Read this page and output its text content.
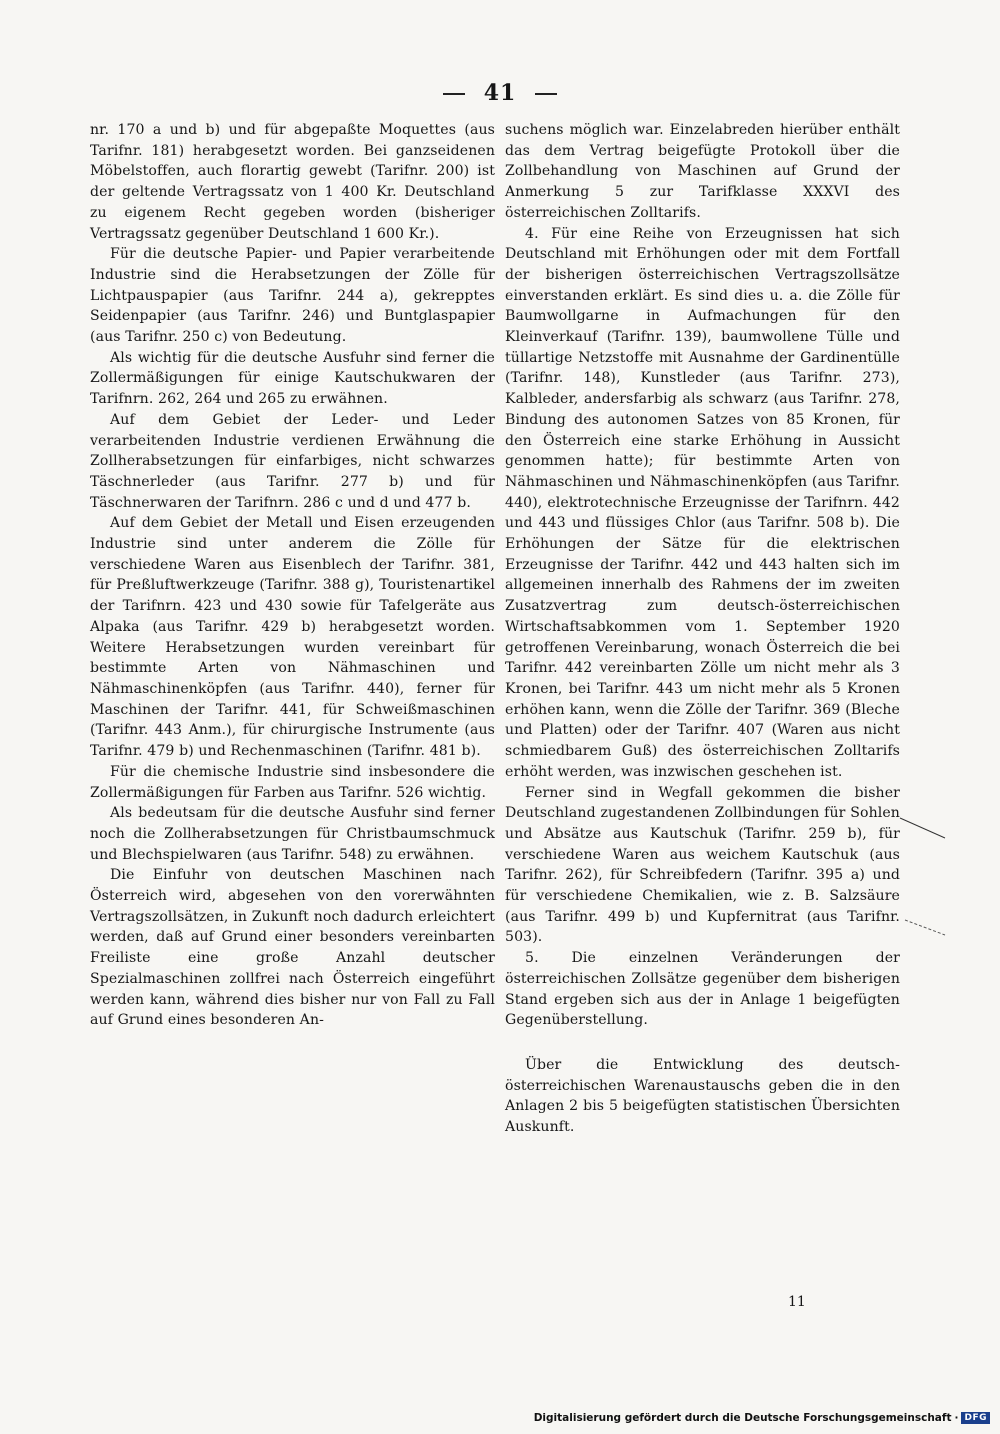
41

nr. 170 a und b) und für abgepaßte Moquettes (aus Tarifnr. 181) herabgesetzt worden. Bei ganzseidenen Möbelstoffen, auch florartig gewebt (Tarifnr. 200) ist der geltende Vertragssatz von 1 400 Kr. Deutschland zu eigenem Recht gegeben worden (bisheriger Vertragssatz gegenüber Deutschland 1 600 Kr.).

Für die deutsche Papier- und Papier verarbeitende Industrie sind die Herabsetzungen der Zölle für Lichtpauspapier (aus Tarifnr. 244 a), gekrepptes Seidenpapier (aus Tarifnr. 246) und Buntglaspapier (aus Tarifnr. 250 c) von Bedeutung.

Als wichtig für die deutsche Ausfuhr sind ferner die Zollermäßigungen für einige Kautschukwaren der Tarifnrn. 262, 264 und 265 zu erwähnen.

Auf dem Gebiet der Leder- und Leder verarbeitenden Industrie verdienen Erwähnung die Zollherabsetzungen für einfarbiges, nicht schwarzes Täschnerleder (aus Tarifnr. 277 b) und für Täschnerwaren der Tarifnrn. 286 c und d und 477 b.

Auf dem Gebiet der Metall und Eisen erzeugenden Industrie sind unter anderem die Zölle für verschiedene Waren aus Eisenblech der Tarifnr. 381, für Preßluftwerkzeuge (Tarifnr. 388 g), Touristenartikel der Tarifnrn. 423 und 430 sowie für Tafelgeräte aus Alpaka (aus Tarifnr. 429 b) herabgesetzt worden. Weitere Herabsetzungen wurden vereinbart für bestimmte Arten von Nähmaschinen und Nähmaschinenköpfen (aus Tarifnr. 440), ferner für Maschinen der Tarifnr. 441, für Schweißmaschinen (Tarifnr. 443 Anm.), für chirurgische Instrumente (aus Tarifnr. 479 b) und Rechenmaschinen (Tarifnr. 481 b).

Für die chemische Industrie sind insbesondere die Zollermäßigungen für Farben aus Tarifnr. 526 wichtig.

Als bedeutsam für die deutsche Ausfuhr sind ferner noch die Zollherabsetzungen für Christbaumschmuck und Blechspielwaren (aus Tarifnr. 548) zu erwähnen.

Die Einfuhr von deutschen Maschinen nach Österreich wird, abgesehen von den vorerwähnten Vertragszollsätzen, in Zukunft noch dadurch erleichtert werden, daß auf Grund einer besonders vereinbarten Freiliste eine große Anzahl deutscher Spezialmaschinen zollfrei nach Österreich eingeführt werden kann, während dies bisher nur von Fall zu Fall auf Grund eines besonderen An-

suchens möglich war. Einzelabreden hierüber enthält das dem Vertrag beigefügte Protokoll über die Zollbehandlung von Maschinen auf Grund der Anmerkung 5 zur Tarifklasse XXXVI des österreichischen Zolltarifs.

4. Für eine Reihe von Erzeugnissen hat sich Deutschland mit Erhöhungen oder mit dem Fortfall der bisherigen österreichischen Vertragszollsätze einverstanden erklärt. Es sind dies u. a. die Zölle für Baumwollgarne in Aufmachungen für den Kleinverkauf (Tarifnr. 139), baumwollene Tülle und tüllartige Netzstoffe mit Ausnahme der Gardinentülle (Tarifnr. 148), Kunstleder (aus Tarifnr. 273), Kalbleder, andersfarbig als schwarz (aus Tarifnr. 278, Bindung des autonomen Satzes von 85 Kronen, für den Österreich eine starke Erhöhung in Aussicht genommen hatte); für bestimmte Arten von Nähmaschinen und Nähmaschinenköpfen (aus Tarifnr. 440), elektrotechnische Erzeugnisse der Tarifnrn. 442 und 443 und flüssiges Chlor (aus Tarifnr. 508 b). Die Erhöhungen der Sätze für die elektrischen Erzeugnisse der Tarifnr. 442 und 443 halten sich im allgemeinen innerhalb des Rahmens der im zweiten Zusatzvertrag zum deutsch-österreichischen Wirtschaftsabkommen vom 1. September 1920 getroffenen Vereinbarung, wonach Österreich die bei Tarifnr. 442 vereinbarten Zölle um nicht mehr als 3 Kronen, bei Tarifnr. 443 um nicht mehr als 5 Kronen erhöhen kann, wenn die Zölle der Tarifnr. 369 (Bleche und Platten) oder der Tarifnr. 407 (Waren aus nicht schmiedbarem Guß) des österreichischen Zolltarifs erhöht werden, was inzwischen geschehen ist.

Ferner sind in Wegfall gekommen die bisher Deutschland zugestandenen Zollbindungen für Sohlen und Absätze aus Kautschuk (Tarifnr. 259 b), für verschiedene Waren aus weichem Kautschuk (aus Tarifnr. 262), für Schreibfedern (Tarifnr. 395 a) und für verschiedene Chemikalien, wie z. B. Salzsäure (aus Tarifnr. 499 b) und Kupfernitrat (aus Tarifnr. 503).

5. Die einzelnen Veränderungen der österreichischen Zollsätze gegenüber dem bisherigen Stand ergeben sich aus der in Anlage 1 beigefügten Gegenüberstellung.

Über die Entwicklung des deutsch-österreichischen Warenaustauschs geben die in den Anlagen 2 bis 5 beigefügten statistischen Übersichten Auskunft.

11
Digitalisierung gefördert durch die Deutsche Forschungsgemeinschaft · DFG
